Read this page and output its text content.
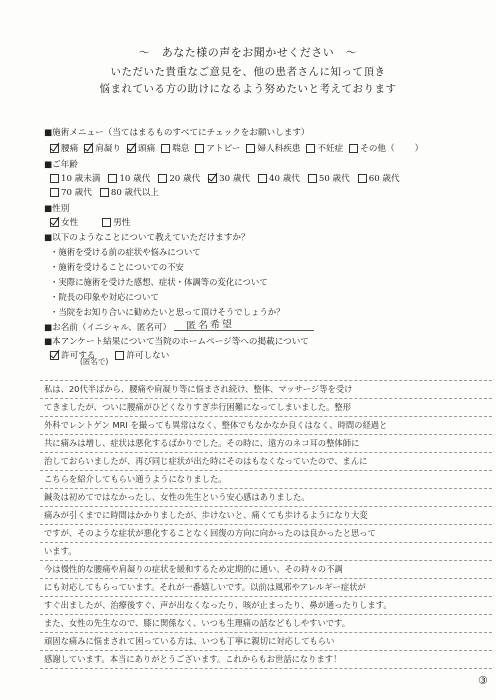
～　あなた様の声をお聞かせください　～
いただいた貴重なご意見を、他の患者さんに知って頂き
悩まれている方の助けになるよう努めたいと考えております
■施術メニュー（当てはまるものすべてにチェックをお願いします）
腰痛 肩凝り 頭痛 喘息 アトピー 婦人科疾患 不妊症 その他（ ）
■ご年齢
10 歳未満 10 歳代 20 歳代 30 歳代 40 歳代 50 歳代 60 歳代
70 歳代 80 歳代以上
■性別
女性	男性
■以下のようなことについて教えていただけますか？
・施術を受ける前の症状や悩みについて
・施術を受けることについての不安
・実際に施術を受けた感想、症状・体調等の変化について
・院長の印象や対応について
・当院をお知り合いに勧めたいと思って頂けそうでしょうか？
■お名前（イニシャル、匿名可） 匿名希望
■本アンケート結果について当院のホームページ等への掲載について
許可する	許可しない
(匿名で)
私は、20代半ばから、腰痛や肩凝り等に悩まされ続け、整体、マッサージ等を受け
てきましたが、ついに腰痛がひどくなりすぎ歩行困難になってしまいました。整形
外科でレントゲン MRI を撮っても異常はなく、整体でもなかなか良くはなく、時間の経過と
共に痛みは増し、症状は悪化するばかりでした。その時に、遠方のネコ耳の整体師に
治しておらいましたが、再び同じ症状が出た時にそのはもなくなっていたので、まんに
こちらを紹介してもらい通うようになりました。
鍼灸は初めてではなかったし、女性の先生という安心感はありました。
痛みが引くまでに時間はかかりましたが、歩けないと、痛くても歩けるようになり大変
ですが、そのような症状が悪化することなく回復の方向に向かったのは良かったと思って
います。
今は慢性的な腰痛や肩凝りの症状を緩和するため定期的に通い、その時々の不調
にも対応してもらっています。それが一番嬉しいです。以前は風邪やアレルギー症状が
すぐ出ましたが、治療後すぐ、声が出なくなったり、咳が止まったり、鼻が通ったりします。
また、女性の先生なので、膝に関係なく、いつも生理痛の話などもしやすいです。
頑固な痛みに悩まされて困っている方は、いつも丁寧に親切に対応してもらい
感謝しています。本当にありがとうございます。これからもお世話になります！
③
